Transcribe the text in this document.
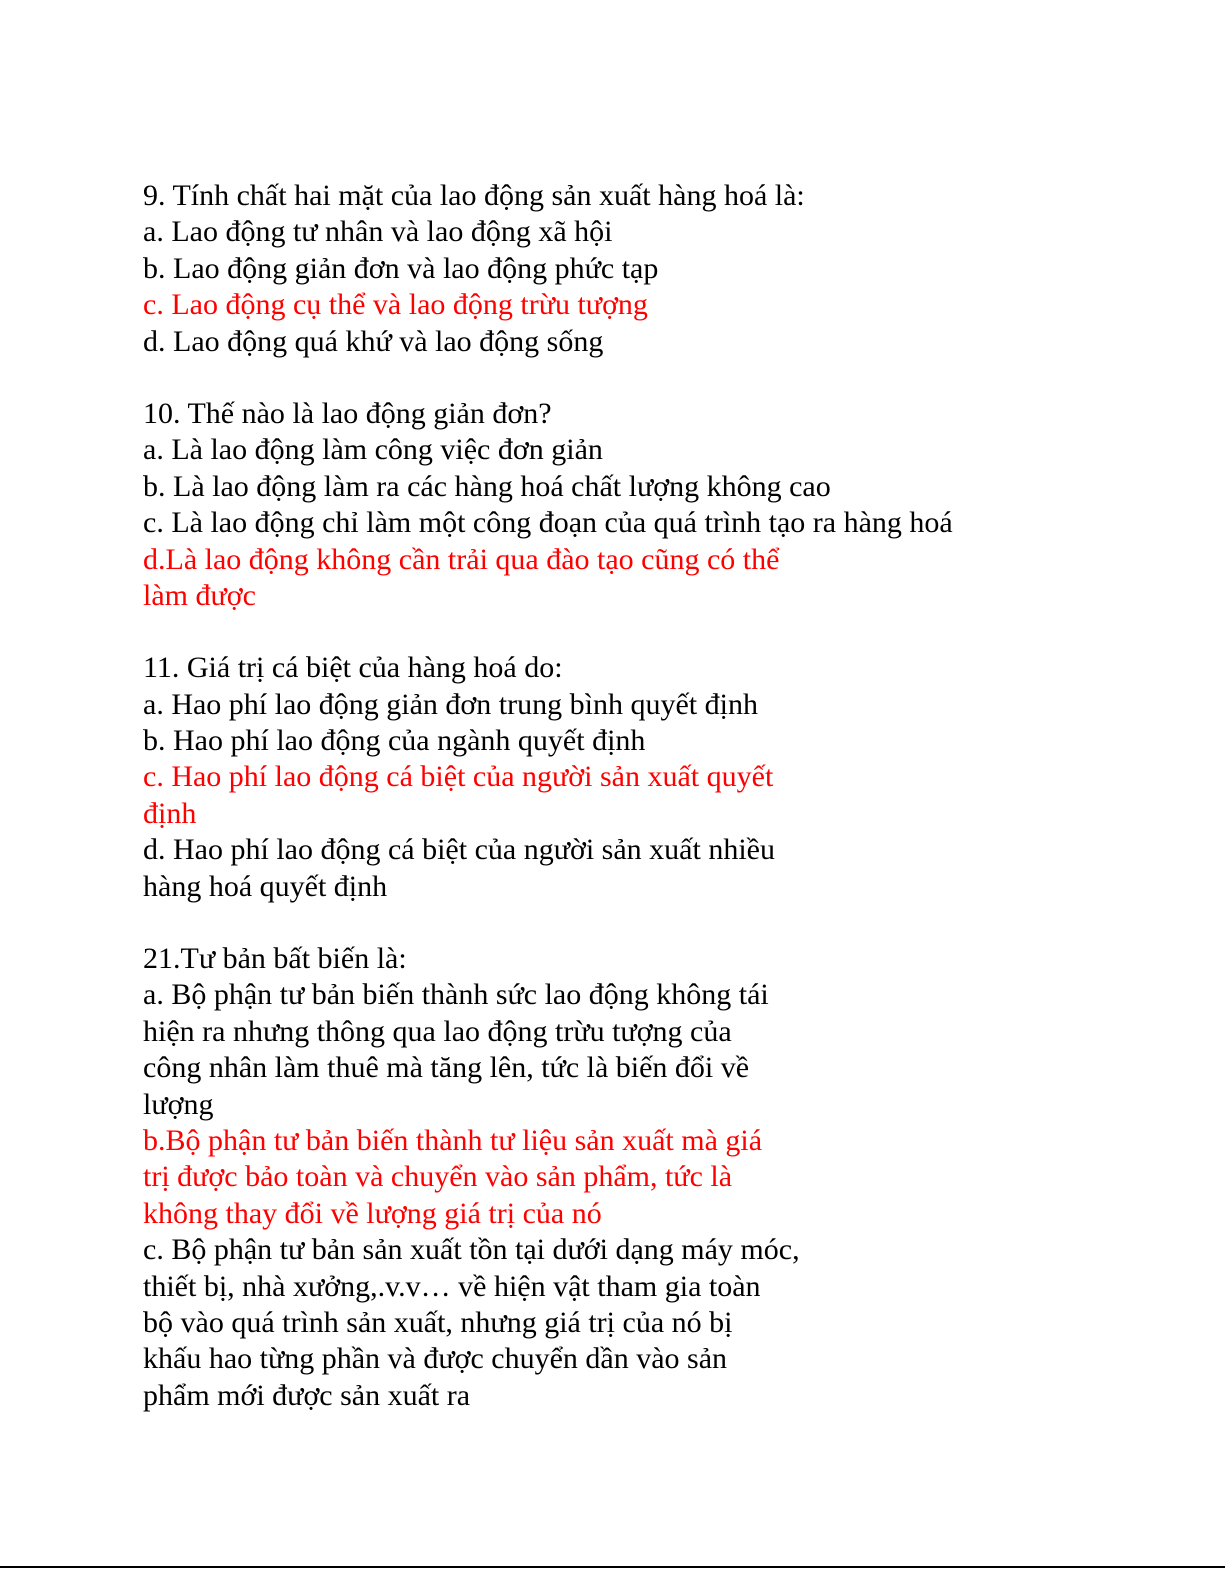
9. Tính chất hai mặt của lao động sản xuất hàng hoá là:
a. Lao động tư nhân và lao động xã hội
b. Lao động giản đơn và lao động phức tạp
c. Lao động cụ thể và lao động trừu tượng
d. Lao động quá khứ và lao động sống
10. Thế nào là lao động giản đơn?
a. Là lao động làm công việc đơn giản
b. Là lao động làm ra các hàng hoá chất lượng không cao
c. Là lao động chỉ làm một công đoạn của quá trình tạo ra hàng hoá
d.Là lao động không cần trải qua đào tạo cũng có thể
làm được
11. Giá trị cá biệt của hàng hoá do:
a. Hao phí lao động giản đơn trung bình quyết định
b. Hao phí lao động của ngành quyết định
c. Hao phí lao động cá biệt của người sản xuất quyết
định
d. Hao phí lao động cá biệt của người sản xuất nhiều
hàng hoá quyết định
21.Tư bản bất biến là:
a. Bộ phận tư bản biến thành sức lao động không tái
hiện ra nhưng thông qua lao động trừu tượng của
công nhân làm thuê mà tăng lên, tức là biến đổi về
lượng
b.Bộ phận tư bản biến thành tư liệu sản xuất mà giá
trị được bảo toàn và chuyển vào sản phẩm, tức là
không thay đổi về lượng giá trị của nó
c. Bộ phận tư bản sản xuất tồn tại dưới dạng máy móc,
thiết bị, nhà xưởng,.v.v… về hiện vật tham gia toàn
bộ vào quá trình sản xuất, nhưng giá trị của nó bị
khấu hao từng phần và được chuyển dần vào sản
phẩm mới được sản xuất ra
